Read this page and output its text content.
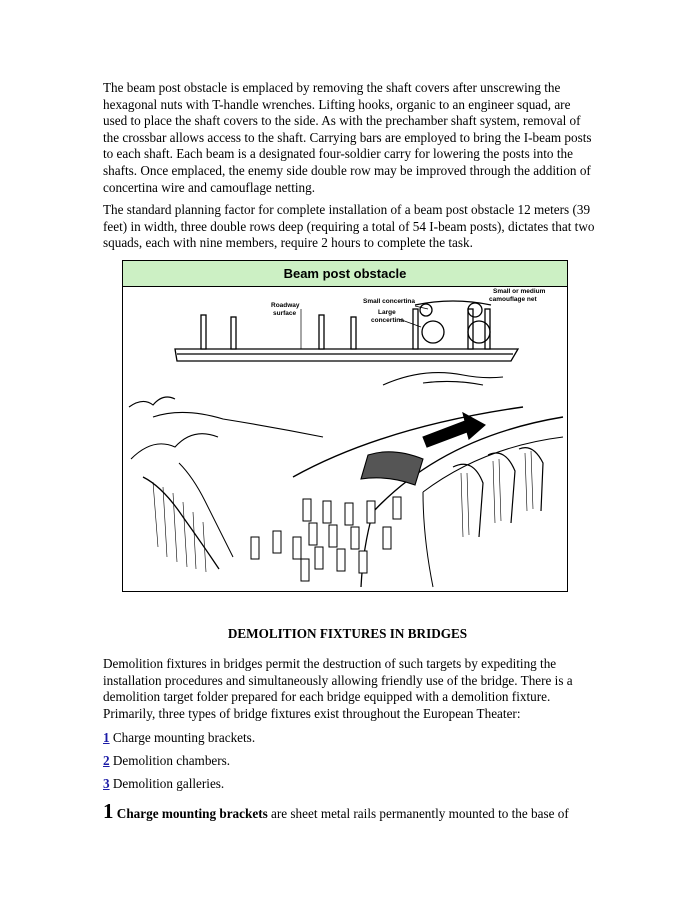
The beam post obstacle is emplaced by removing the shaft covers after unscrewing the hexagonal nuts with T-handle wrenches. Lifting hooks, organic to an engineer squad, are used to place the shaft covers to the side. As with the prechamber shaft system, removal of the crossbar allows access to the shaft. Carrying bars are employed to bring the I-beam posts to each shaft. Each beam is a designated four-soldier carry for lowering the posts into the shafts. Once emplaced, the enemy side double row may be improved through the addition of concertina wire and camouflage netting.

The standard planning factor for complete installation of a beam post obstacle 12 meters (39 feet) in width, three double rows deep (requiring a total of 54 I-beam posts), dictates that two squads, each with nine members, require 2 hours to complete the task.

Beam post obstacle
Roadway
surface
Small concertina
Large
concertina
Small or medium
camouflage net
DEMOLITION FIXTURES IN BRIDGES

Demolition fixtures in bridges permit the destruction of such targets by expediting the installation procedures and simultaneously allowing friendly use of the bridge. There is a demolition target folder prepared for each bridge equipped with a demolition fixture. Primarily, three types of bridge fixtures exist throughout the European Theater:

1 Charge mounting brackets.
2 Demolition chambers.
3 Demolition galleries.
1 Charge mounting brackets are sheet metal rails permanently mounted to the base of
